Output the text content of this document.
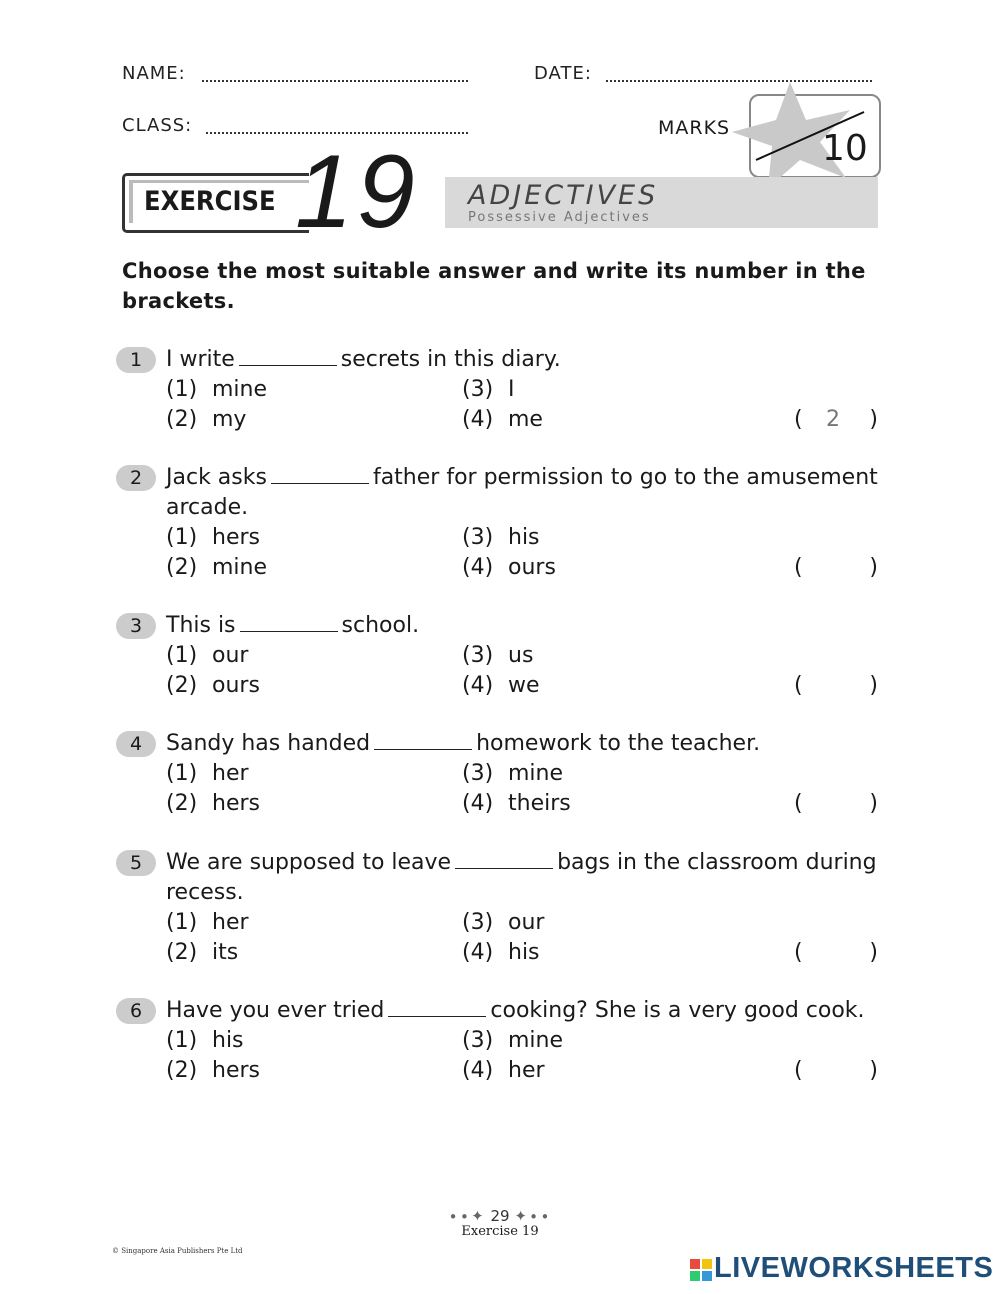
NAME:	DATE:
CLASS:	MARKS	10
EXERCISE 19 ADJECTIVES
Possessive Adjectives
Choose the most suitable answer and write its number in the brackets.
1	I write	secrets in this diary.
(1) mine
(2) my
(3) I
(4) me	( 2 )
2	Jack asks	father for permission to go to the amusement
arcade.
(1) hers
(2) mine
(3) his
(4) ours	(	)
3	This is	school.
(1) our
(2) ours
(3) us
(4) we	(	)
4	Sandy has handed	homework to the teacher.
(1) her
(2) hers
(3) mine
(4) theirs	(	)
5	We are supposed to leave	bags in the classroom during
recess.
(1) her
(2) its
(3) our
(4) his	(	)
6	Have you ever tried	cooking? She is a very good cook.
(1) his
(2) hers
(3) mine
(4) her	(	)
∙∙✦ 29 ✦∙∙
Exercise 19
© Singapore Asia Publishers Pte Ltd
LIVEWORKSHEETS
